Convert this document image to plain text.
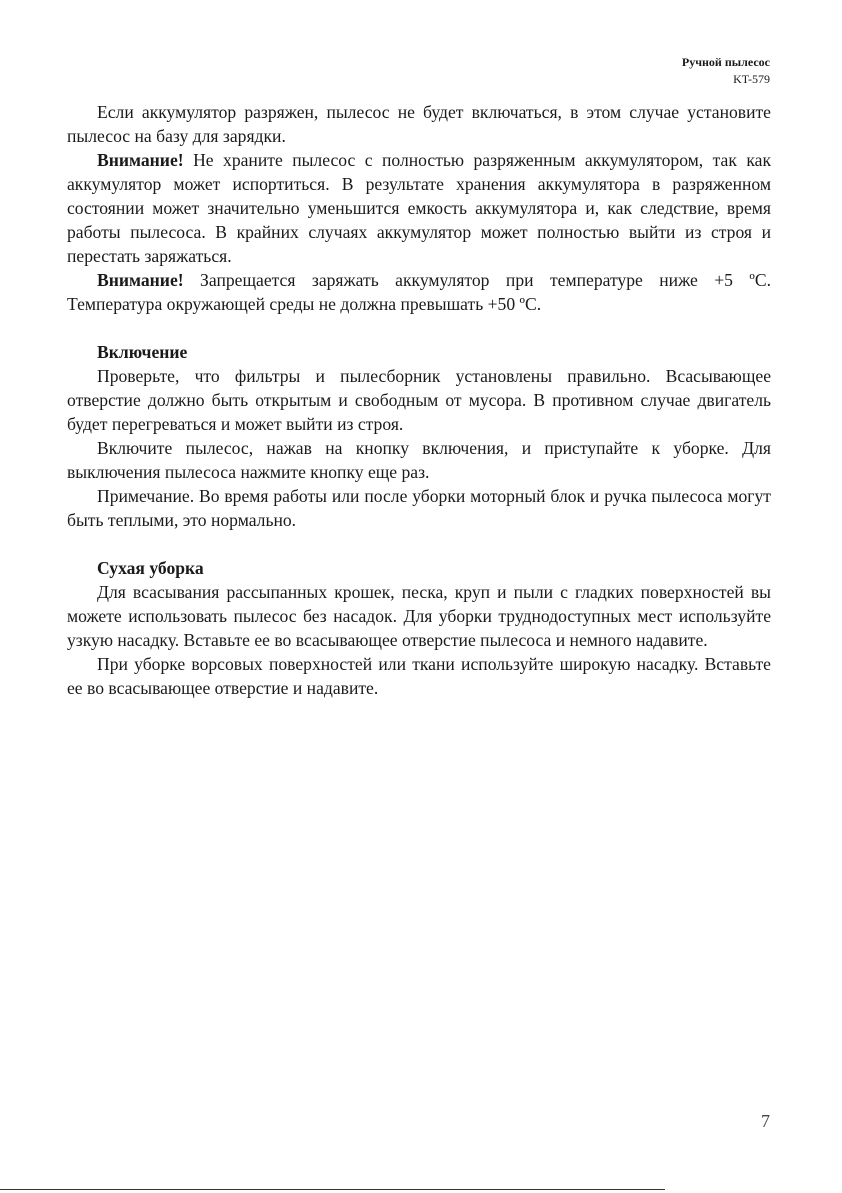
Ручной пылесос
KT-579

Если аккумулятор разряжен, пылесос не будет включаться, в этом случае установите пылесос на базу для зарядки.

Внимание! Не храните пылесос с полностью разряженным аккумулятором, так как аккумулятор может испортиться. В результате хранения аккумулятора в разряженном состоянии может значительно уменьшится емкость аккумулятора и, как следствие, время работы пылесоса. В крайних случаях аккумулятор может полностью выйти из строя и перестать заряжаться.

Внимание! Запрещается заряжать аккумулятор при температуре ниже +5 ºС. Температура окружающей среды не должна превышать +50 ºС.

Включение

Проверьте, что фильтры и пылесборник установлены правильно. Всасывающее отверстие должно быть открытым и свободным от мусора. В противном случае двигатель будет перегреваться и может выйти из строя.

Включите пылесос, нажав на кнопку включения, и приступайте к уборке. Для выключения пылесоса нажмите кнопку еще раз.

Примечание. Во время работы или после уборки моторный блок и ручка пылесоса могут быть теплыми, это нормально.

Сухая уборка

Для всасывания рассыпанных крошек, песка, круп и пыли с гладких поверхностей вы можете использовать пылесос без насадок. Для уборки труднодоступных мест используйте узкую насадку. Вставьте ее во всасывающее отверстие пылесоса и немного надавите.

При уборке ворсовых поверхностей или ткани используйте широкую насадку. Вставьте ее во всасывающее отверстие и надавите.

7
